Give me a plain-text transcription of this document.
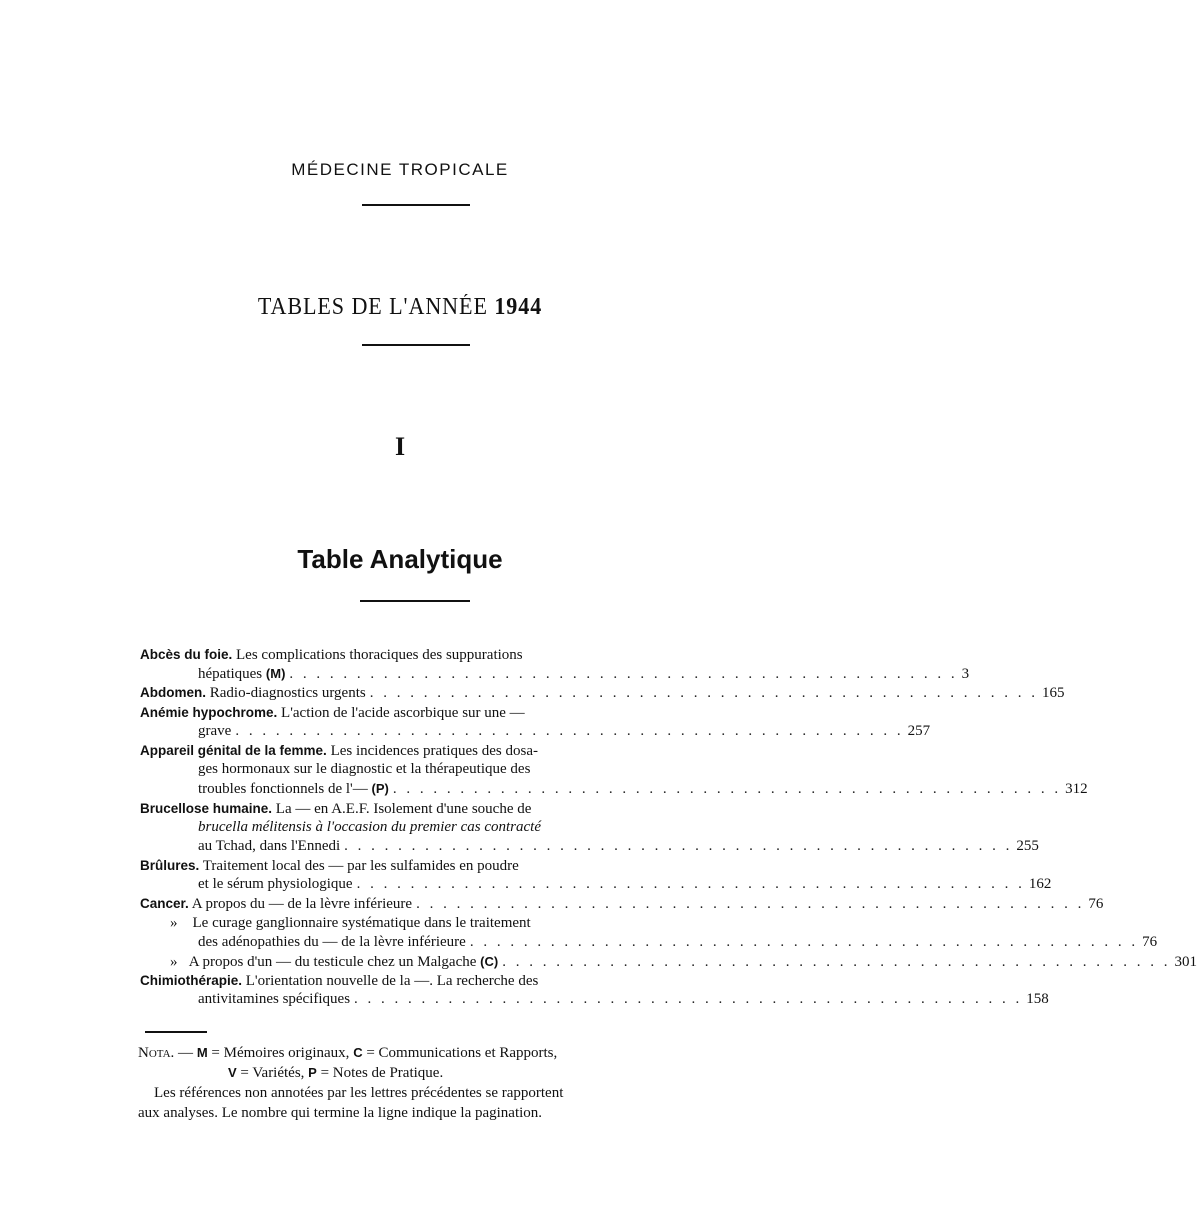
MÉDECINE TROPICALE
TABLES DE L'ANNÉE 1944
I
Table Analytique
Abcès du foie. Les complications thoraciques des suppurations
hépatiques (M) . . . . . . . . . . . . . . . . . . . . . . . . . . . . . . . . . . . . . . . . . . . . . . . . . . 3
Abdomen. Radio-diagnostics urgents . . . . . . . . . . . . . . . . . . . . . . . . . . . . . . . . . . . . . . . . . . . . . . . . . . 165
Anémie hypochrome. L'action de l'acide ascorbique sur une —
grave . . . . . . . . . . . . . . . . . . . . . . . . . . . . . . . . . . . . . . . . . . . . . . . . . . 257
Appareil génital de la femme. Les incidences pratiques des dosa-
ges hormonaux sur le diagnostic et la thérapeutique des
troubles fonctionnels de l'— (P) . . . . . . . . . . . . . . . . . . . . . . . . . . . . . . . . . . . . . . . . . . . . . . . . . . 312
Brucellose humaine. La — en A.E.F. Isolement d'une souche de
brucella mélitensis à l'occasion du premier cas contracté
au Tchad, dans l'Ennedi . . . . . . . . . . . . . . . . . . . . . . . . . . . . . . . . . . . . . . . . . . . . . . . . . . 255
Brûlures. Traitement local des — par les sulfamides en poudre
et le sérum physiologique . . . . . . . . . . . . . . . . . . . . . . . . . . . . . . . . . . . . . . . . . . . . . . . . . . 162
Cancer. A propos du — de la lèvre inférieure . . . . . . . . . . . . . . . . . . . . . . . . . . . . . . . . . . . . . . . . . . . . . . . . . . 76
» Le curage ganglionnaire systématique dans le traitement
des adénopathies du — de la lèvre inférieure . . . . . . . . . . . . . . . . . . . . . . . . . . . . . . . . . . . . . . . . . . . . . . . . . . 76
» A propos d'un — du testicule chez un Malgache (C) . . . . . . . . . . . . . . . . . . . . . . . . . . . . . . . . . . . . . . . . . . . . . . . . . . 301
Chimiothérapie. L'orientation nouvelle de la —. La recherche des
antivitamines spécifiques . . . . . . . . . . . . . . . . . . . . . . . . . . . . . . . . . . . . . . . . . . . . . . . . . . 158
Nota. — M = Mémoires originaux, C = Communications et Rapports,
V = Variétés, P = Notes de Pratique.
Les références non annotées par les lettres précédentes se rapportent
aux analyses. Le nombre qui termine la ligne indique la pagination.
